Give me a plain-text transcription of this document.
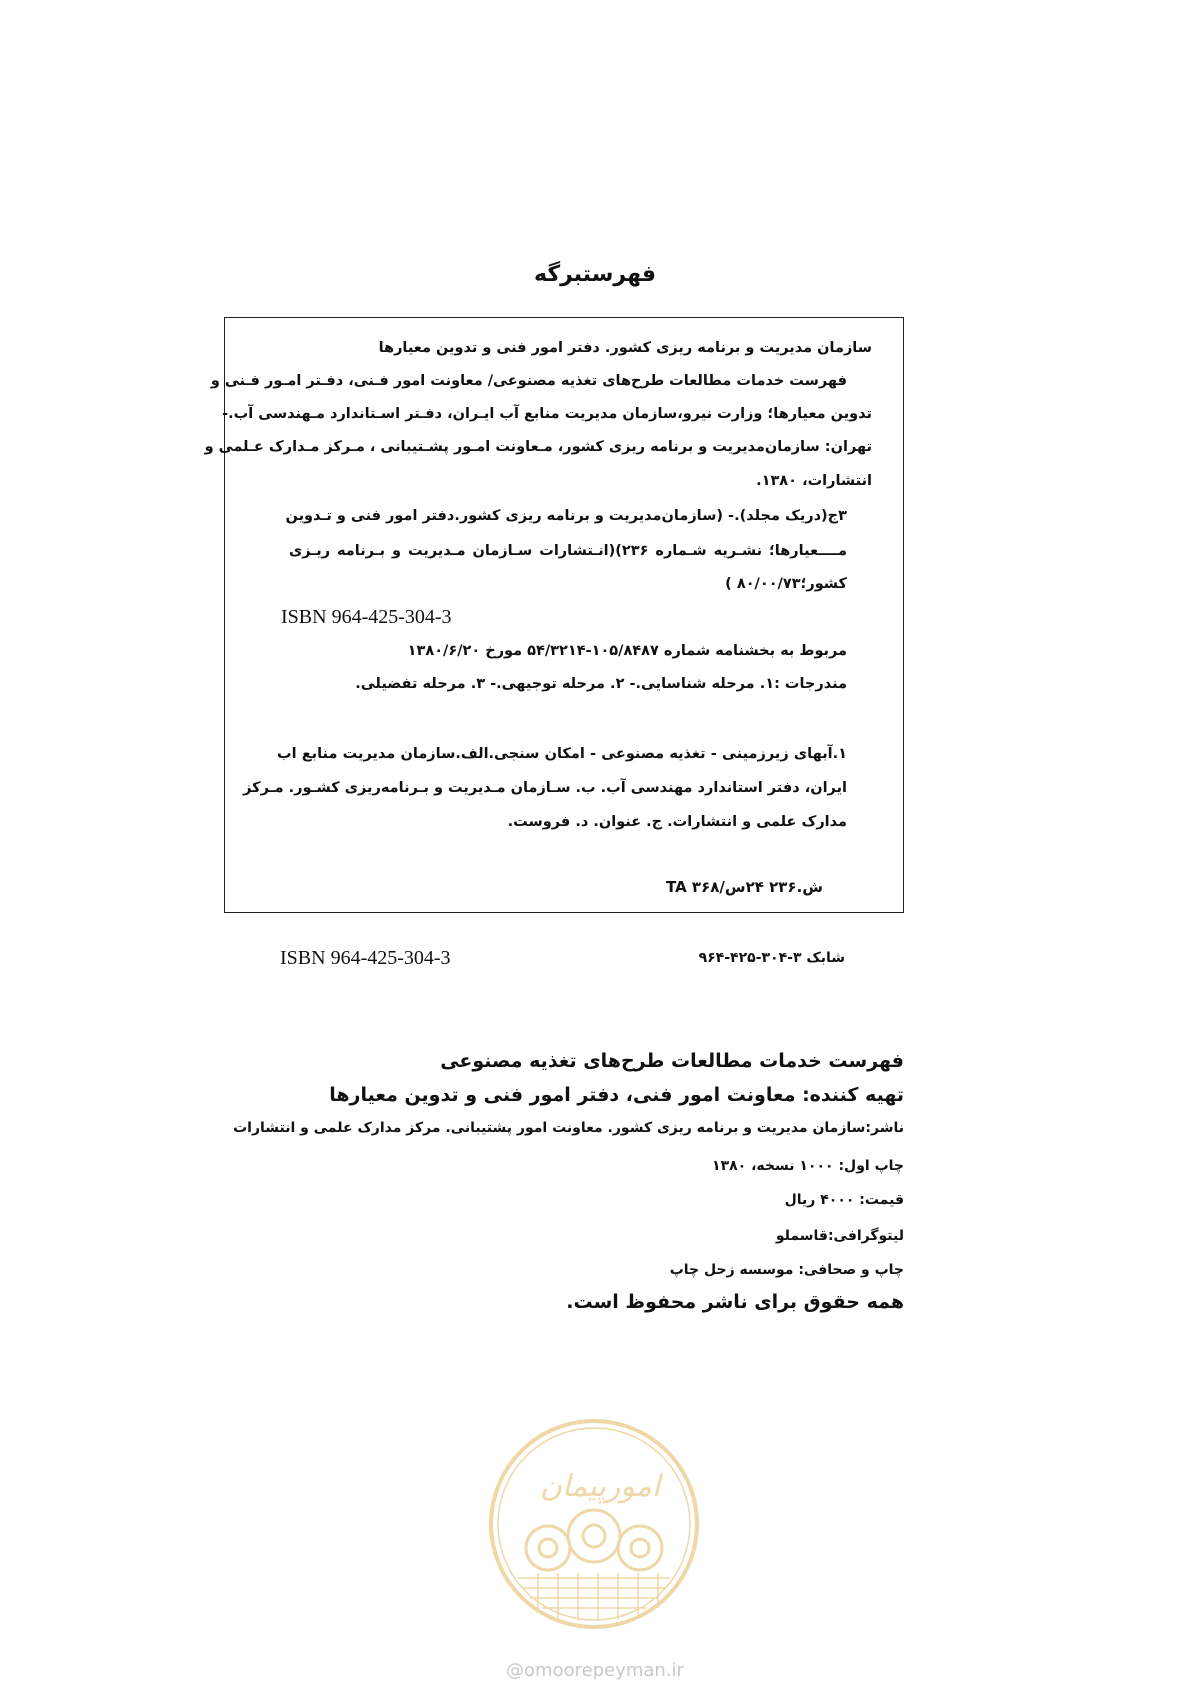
فهرستبرگه
سازمان مدیریت و برنامه ریزی کشور. دفتر امور فنی و تدوین معیارها
فهرست خدمات مطالعات طرح‌های تغذیه مصنوعی/ معاونت امور فـنی، دفـتر امـور فـنی و
تدوین معیارها؛ وزارت نیرو،سازمان مدیریت منابع آب ایـران، دفـتر اسـتاندارد مـهندسی آب.-
تهران: سازمان‌مدیریت و برنامه ریزی کشور، مـعاونت امـور پشـتیبانی ، مـرکز مـدارک عـلمی و
انتشارات، ۱۳۸۰.
۳ج(دریک مجلد).- (سازمان‌مدیریت و برنامه ریزی کشور.دفتر امور فنی و تـدوین
مــــعیارها؛ نشـریه شـماره ۲۳۶)(انـتشارات سـازمان مـدیریت و بـرنامه ریـزی
کشور؛۸۰/۰۰/۷۳ )
ISBN 964-425-304-3
مربوط به بخشنامه شماره ۱۰۵/۸۴۸۷-۵۴/۳۲۱۴ مورخ ۱۳۸۰/۶/۲۰
مندرجات :۱. مرحله شناسایی.- ۲. مرحله توجیهی.- ۳. مرحله تفضیلی.
۱.آبهای زیرزمینی - تغذیه مصنوعی - امکان سنجی.الف.سازمان مدیریت منابع اب
ایران، دفتر استاندارد مهندسی آب. ب. سـازمان مـدیریت و بـرنامه‌ریزی کشـور. مـرکز
مدارک علمی و انتشارات. ج. عنوان. د. فروست.
ش.۲۳۶ ۲۴س/۳۶۸ TA
ISBN 964-425-304-3	شابک ۳-۳۰۴-۴۲۵-۹۶۴
فهرست خدمات مطالعات طرح‌های تغذیه مصنوعی
تهیه کننده: معاونت امور فنی، دفتر امور فنی و تدوین معیارها
ناشر:سازمان مدیریت و برنامه ریزی کشور. معاونت امور پشتیبانی. مرکز مدارک علمی و انتشارات
چاپ اول: ۱۰۰۰ نسخه، ۱۳۸۰
قیمت: ۴۰۰۰ ریال
لیتوگرافی:قاسملو
چاپ و صحافی: موسسه زحل چاپ
همه حقوق برای ناشر محفوظ است.
امورپیمان
@omoorepeyman.ir
